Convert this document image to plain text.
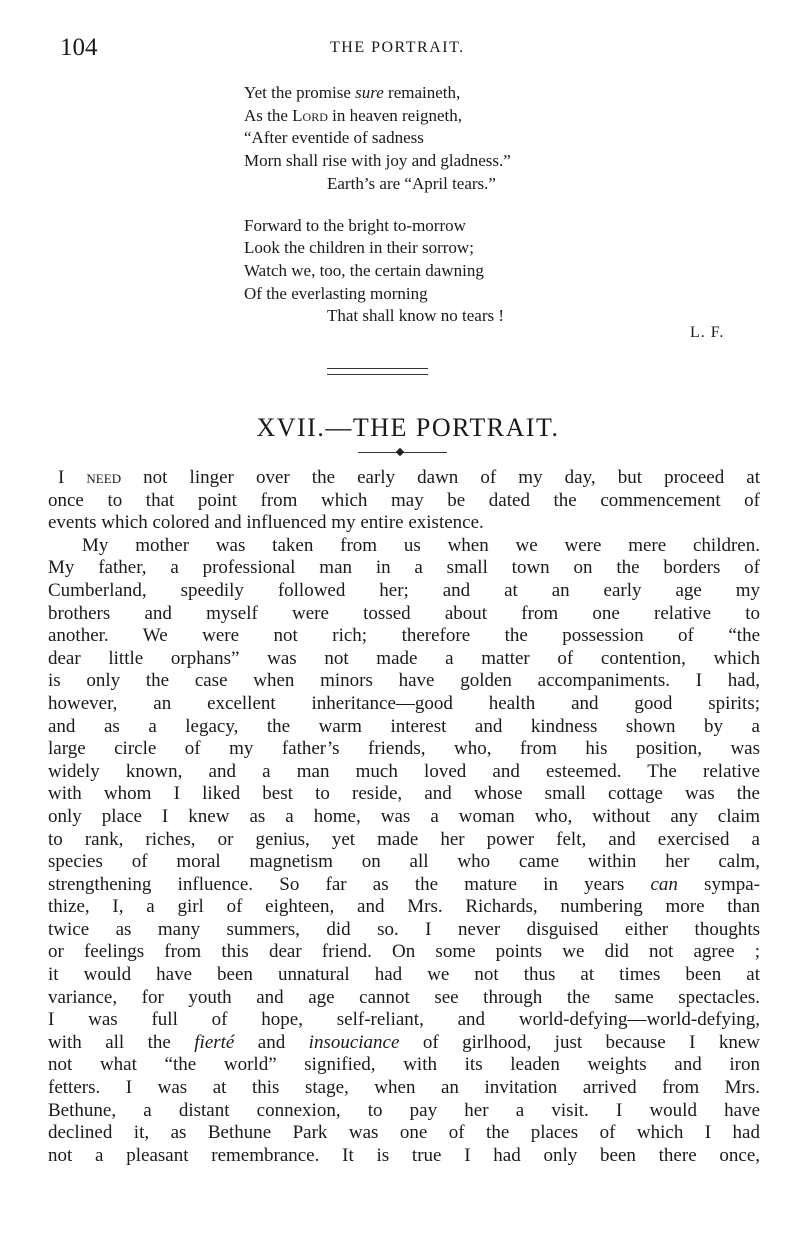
104	THE PORTRAIT.
Yet the promise sure remaineth,
As the Lord in heaven reigneth,
“After eventide of sadness
Morn shall rise with joy and gladness.”
Earth’s are “April tears.”
Forward to the bright to-morrow
Look the children in their sorrow;
Watch we, too, the certain dawning
Of the everlasting morning
That shall know no tears !
L. F.
XVII.—THE PORTRAIT.

I need not linger over the early dawn of my day, but proceed at

once to that point from which may be dated the commencement of

events which colored and influenced my entire existence.

My mother was taken from us when we were mere children.

My father, a professional man in a small town on the borders of

Cumberland, speedily followed her; and at an early age my

brothers and myself were tossed about from one relative to

another. We were not rich; therefore the possession of “the

dear little orphans” was not made a matter of contention, which

is only the case when minors have golden accompaniments. I had,

however, an excellent inheritance—good health and good spirits;

and as a legacy, the warm interest and kindness shown by a

large circle of my father’s friends, who, from his position, was

widely known, and a man much loved and esteemed. The relative

with whom I liked best to reside, and whose small cottage was the

only place I knew as a home, was a woman who, without any claim

to rank, riches, or genius, yet made her power felt, and exercised a

species of moral magnetism on all who came within her calm,

strengthening influence. So far as the mature in years can sympa-

thize, I, a girl of eighteen, and Mrs. Richards, numbering more than

twice as many summers, did so. I never disguised either thoughts

or feelings from this dear friend. On some points we did not agree ;

it would have been unnatural had we not thus at times been at

variance, for youth and age cannot see through the same spectacles.

I was full of hope, self-reliant, and world-defying—world-defying,

with all the fierté and insouciance of girlhood, just because I knew

not what “the world” signified, with its leaden weights and iron

fetters. I was at this stage, when an invitation arrived from Mrs.

Bethune, a distant connexion, to pay her a visit. I would have

declined it, as Bethune Park was one of the places of which I had

not a pleasant remembrance. It is true I had only been there once,
